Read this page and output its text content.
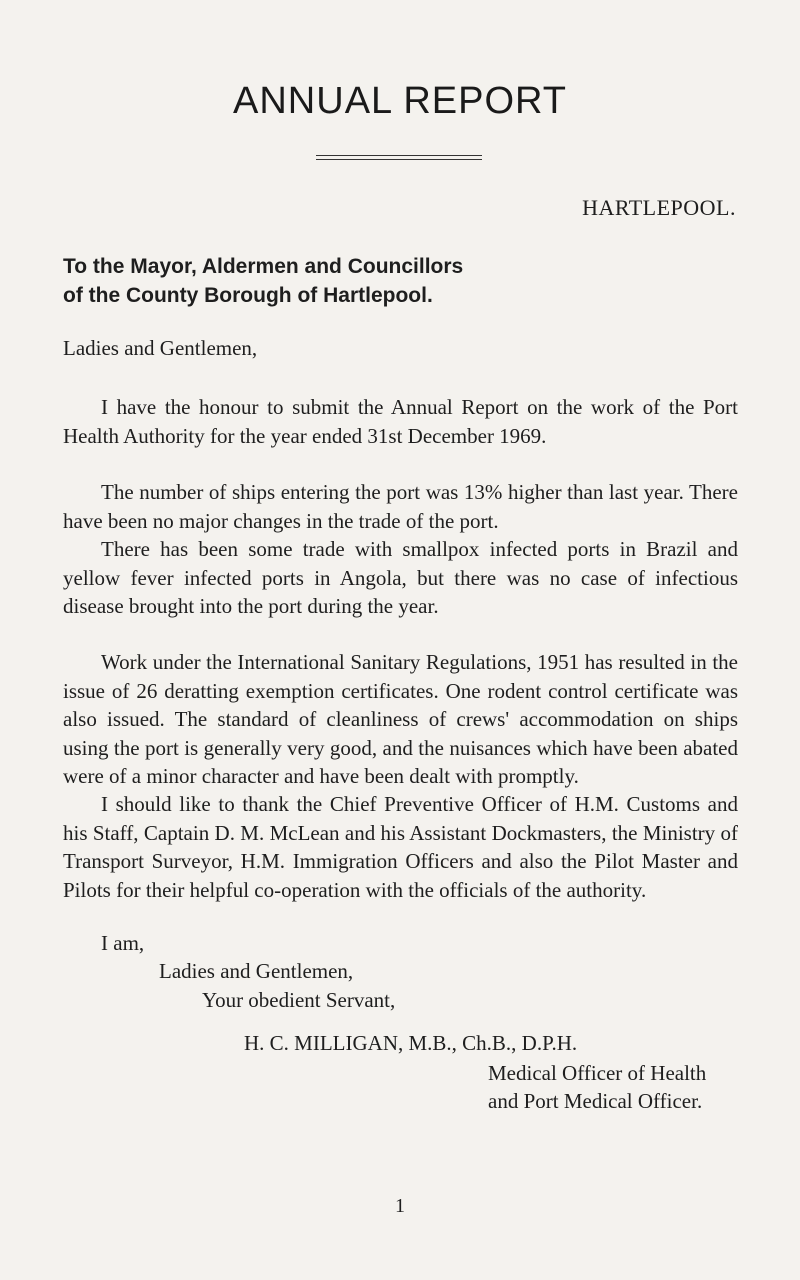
ANNUAL REPORT
HARTLEPOOL.
To the Mayor, Aldermen and Councillors
of the County Borough of Hartlepool.
Ladies and Gentlemen,

I have the honour to submit the Annual Report on the work of the Port Health Authority for the year ended 31st December 1969.

The number of ships entering the port was 13% higher than last year. There have been no major changes in the trade of the port.

There has been some trade with smallpox infected ports in Brazil and yellow fever infected ports in Angola, but there was no case of infectious disease brought into the port during the year.

Work under the International Sanitary Regulations, 1951 has resulted in the issue of 26 deratting exemption certificates. One rodent control certificate was also issued. The standard of cleanliness of crews' accommodation on ships using the port is generally very good, and the nuisances which have been abated were of a minor character and have been dealt with promptly.

I should like to thank the Chief Preventive Officer of H.M. Customs and his Staff, Captain D. M. McLean and his Assistant Dockmasters, the Ministry of Transport Surveyor, H.M. Immigration Officers and also the Pilot Master and Pilots for their helpful co-operation with the officials of the authority.

I am,
Ladies and Gentlemen,
Your obedient Servant,
H. C. MILLIGAN, M.B., Ch.B., D.P.H.
Medical Officer of Health
and Port Medical Officer.
1
